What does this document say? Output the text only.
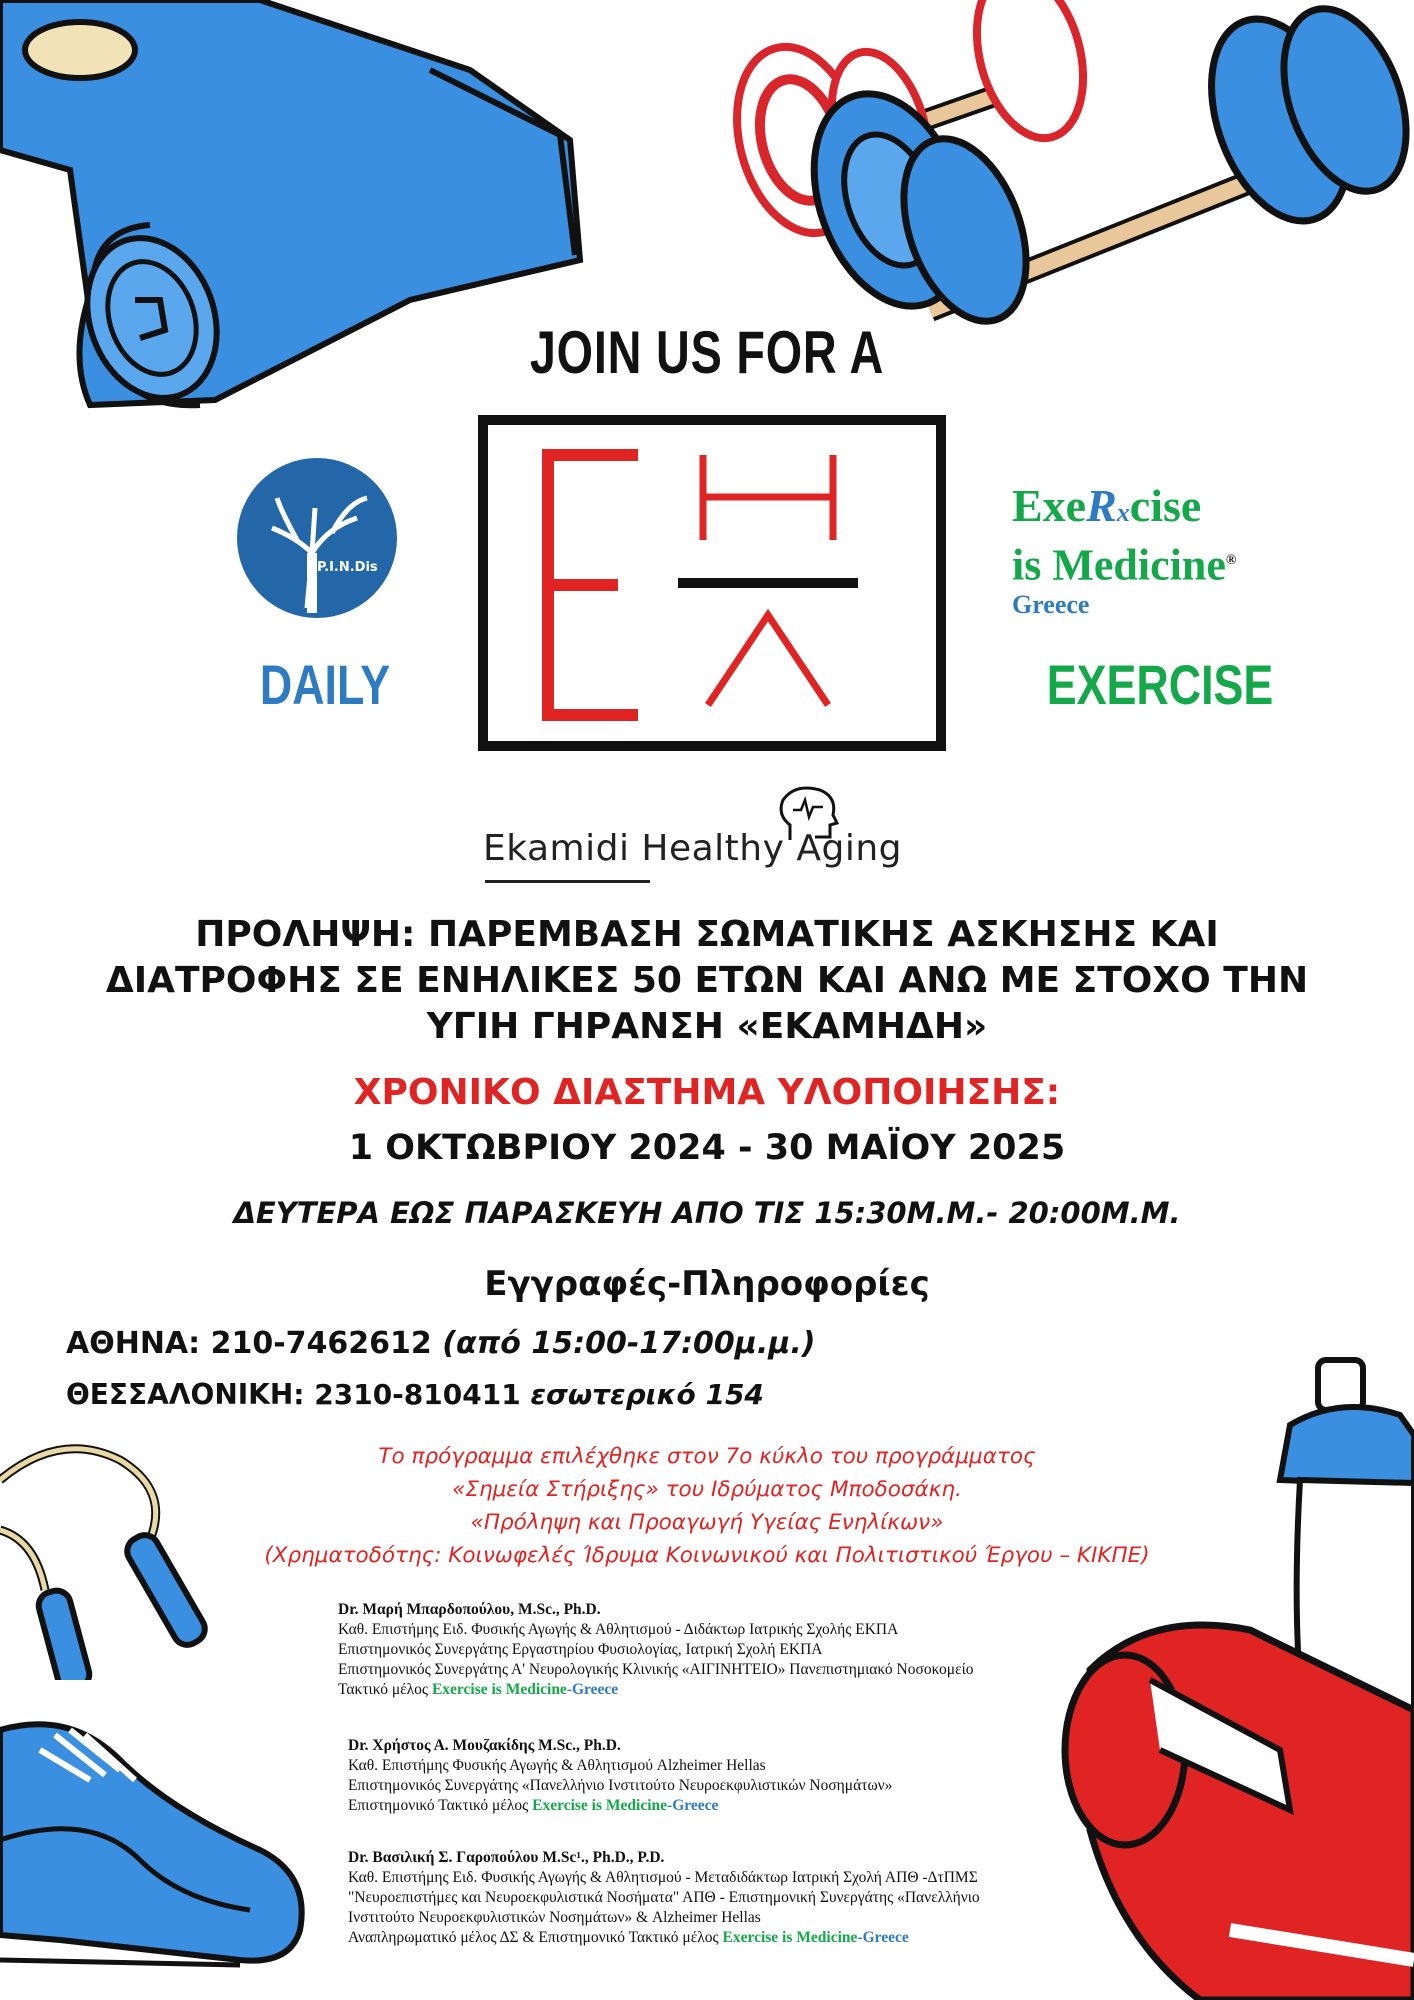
JOIN US FOR A
P.I.N.Dis
DAILY	EXERCISE
ExeRxcise
is Medicine®
Greece
Ekamidi Healthy Aging
ΠΡΟΛΗΨΗ: ΠΑΡΕΜΒΑΣΗ ΣΩΜΑΤΙΚΗΣ ΑΣΚΗΣΗΣ ΚΑΙ
ΔΙΑΤΡΟΦΗΣ ΣΕ ΕΝΗΛΙΚΕΣ 50 ΕΤΩΝ ΚΑΙ ΑΝΩ ΜΕ ΣΤΟΧΟ ΤΗΝ
ΥΓΙΗ ΓΗΡΑΝΣΗ «ΕΚΑΜΗΔΗ»
ΧΡΟΝΙΚΟ ΔΙΑΣΤΗΜΑ ΥΛΟΠΟΙΗΣΗΣ:
1 ΟΚΤΩΒΡΙΟΥ 2024 - 30 ΜΑΪΟΥ 2025
ΔΕΥΤΕΡΑ ΕΩΣ ΠΑΡΑΣΚΕΥΗ ΑΠΟ ΤΙΣ 15:30Μ.Μ.- 20:00Μ.Μ.
Εγγραφές-Πληροφορίες
ΑΘΗΝΑ: 210-7462612 (από 15:00-17:00μ.μ.)
ΘΕΣΣΑΛΟΝΙΚΗ: 2310-810411 εσωτερικό 154
Το πρόγραμμα επιλέχθηκε στον 7ο κύκλο του προγράμματος
«Σημεία Στήριξης» του Ιδρύματος Μποδοσάκη.
«Πρόληψη και Προαγωγή Υγείας Ενηλίκων»
(Χρηματοδότης: Κοινωφελές Ίδρυμα Κοινωνικού και Πολιτιστικού Έργου – ΚΙΚΠΕ)
Dr. Μαρή Μπαρδοπούλου, M.Sc., Ph.D.
Καθ. Επιστήμης Ειδ. Φυσικής Αγωγής & Αθλητισμού - Διδάκτωρ Ιατρικής Σχολής ΕΚΠΑ
Επιστημονικός Συνεργάτης Εργαστηρίου Φυσιολογίας, Ιατρική Σχολή ΕΚΠΑ
Επιστημονικός Συνεργάτης Α' Νευρολογικής Κλινικής «ΑΙΓΙΝΗΤΕΙΟ» Πανεπιστημιακό Νοσοκομείο
Τακτικό μέλος Exercise is Medicine-Greece
Dr. Χρήστος Α. Μουζακίδης M.Sc., Ph.D.
Καθ. Επιστήμης Φυσικής Αγωγής & Αθλητισμού Alzheimer Hellas
Επιστημονικός Συνεργάτης «Πανελλήνιο Ινστιτούτο Νευροεκφυλιστικών Νοσημάτων»
Επιστημονικό Τακτικό μέλος Exercise is Medicine-Greece
Dr. Βασιλική Σ. Γαροπούλου M.Sc¹., Ph.D., P.D.
Καθ. Επιστήμης Ειδ. Φυσικής Αγωγής & Αθλητισμού - Μεταδιδάκτωρ Ιατρική Σχολή ΑΠΘ -ΔτΠΜΣ
"Νευροεπιστήμες και Νευροεκφυλιστικά Νοσήματα" ΑΠΘ - Επιστημονική Συνεργάτης «Πανελλήνιο
Ινστιτούτο Νευροεκφυλιστικών Νοσημάτων» & Alzheimer Hellas
Αναπληρωματικό μέλος ΔΣ & Επιστημονικό Τακτικό μέλος Exercise is Medicine-Greece
